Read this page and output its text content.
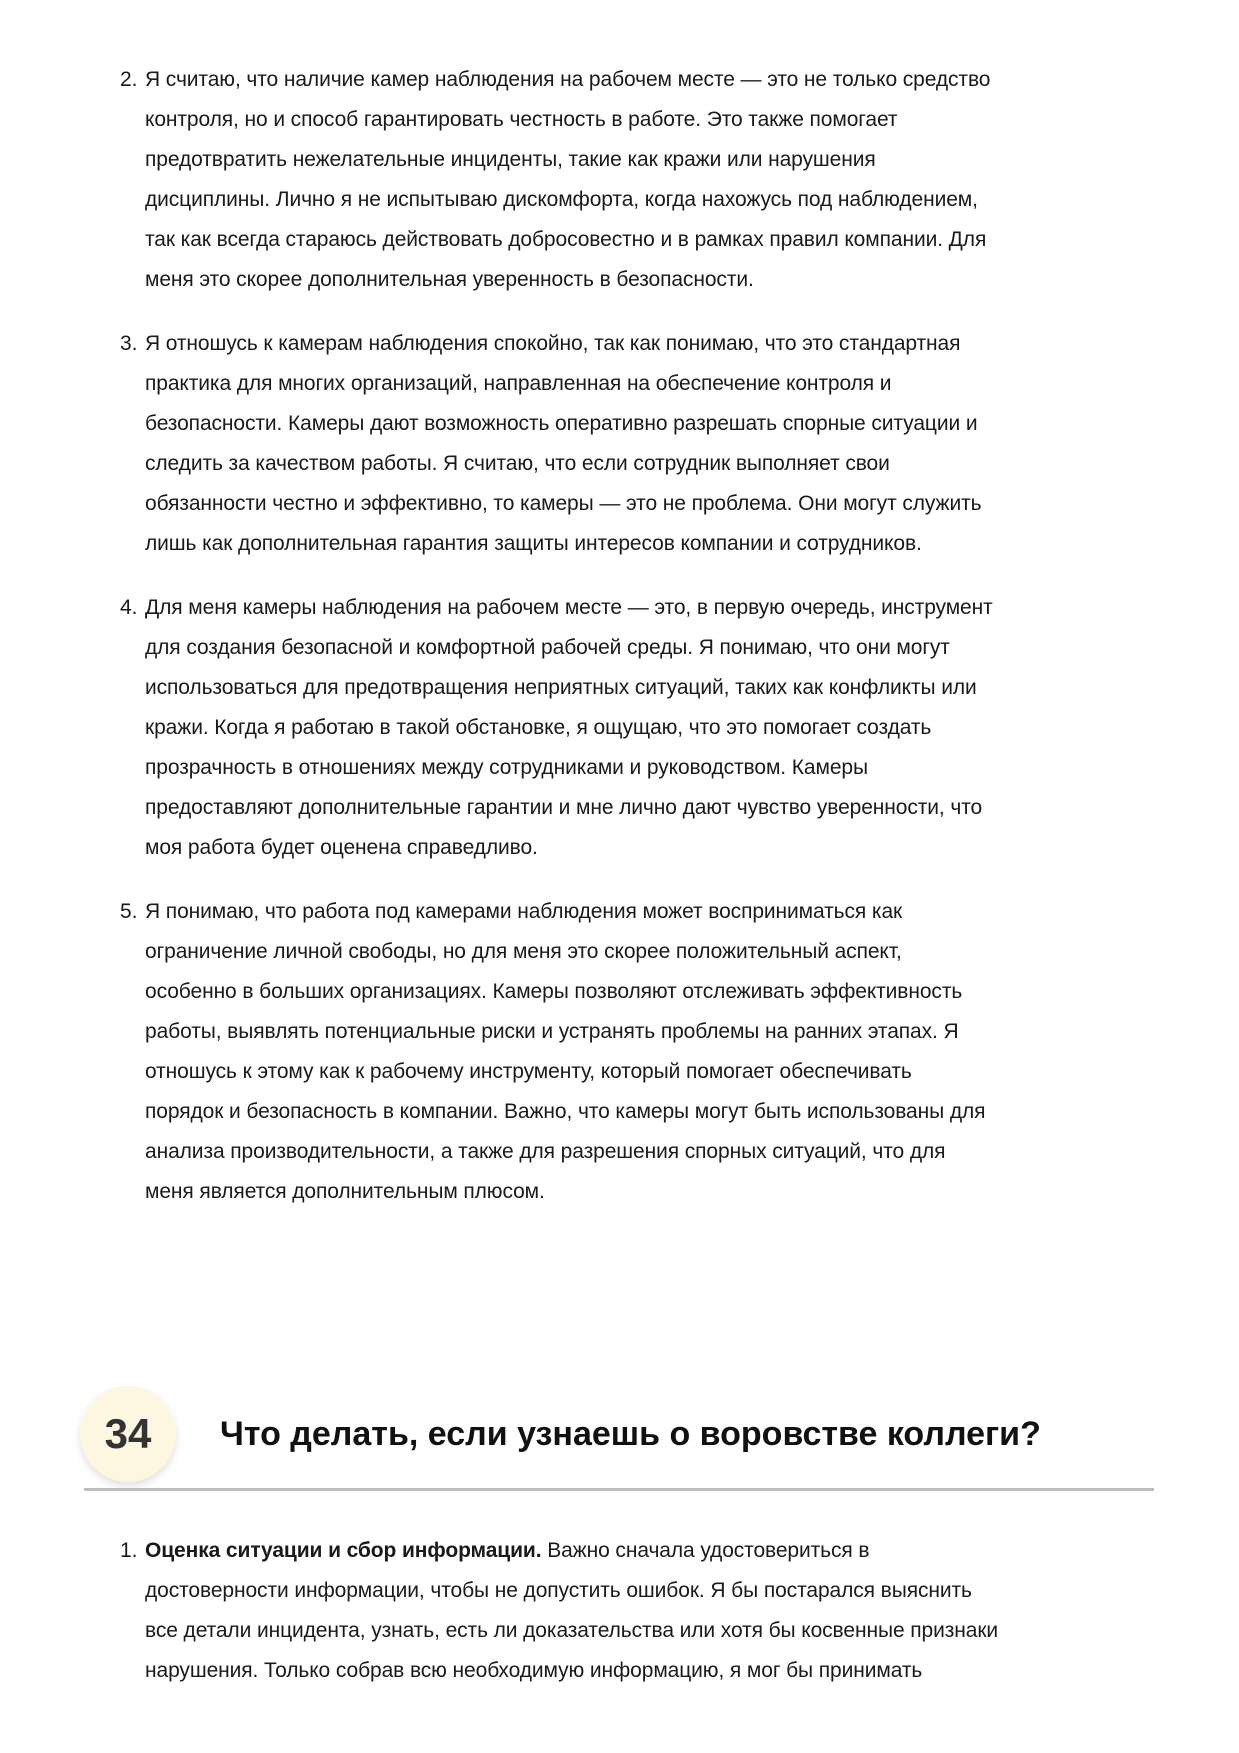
2. Я считаю, что наличие камер наблюдения на рабочем месте — это не только средство
контроля, но и способ гарантировать честность в работе. Это также помогает
предотвратить нежелательные инциденты, такие как кражи или нарушения
дисциплины. Лично я не испытываю дискомфорта, когда нахожусь под наблюдением,
так как всегда стараюсь действовать добросовестно и в рамках правил компании. Для
меня это скорее дополнительная уверенность в безопасности.
3. Я отношусь к камерам наблюдения спокойно, так как понимаю, что это стандартная
практика для многих организаций, направленная на обеспечение контроля и
безопасности. Камеры дают возможность оперативно разрешать спорные ситуации и
следить за качеством работы. Я считаю, что если сотрудник выполняет свои
обязанности честно и эффективно, то камеры — это не проблема. Они могут служить
лишь как дополнительная гарантия защиты интересов компании и сотрудников.
4. Для меня камеры наблюдения на рабочем месте — это, в первую очередь, инструмент
для создания безопасной и комфортной рабочей среды. Я понимаю, что они могут
использоваться для предотвращения неприятных ситуаций, таких как конфликты или
кражи. Когда я работаю в такой обстановке, я ощущаю, что это помогает создать
прозрачность в отношениях между сотрудниками и руководством. Камеры
предоставляют дополнительные гарантии и мне лично дают чувство уверенности, что
моя работа будет оценена справедливо.
5. Я понимаю, что работа под камерами наблюдения может восприниматься как
ограничение личной свободы, но для меня это скорее положительный аспект,
особенно в больших организациях. Камеры позволяют отслеживать эффективность
работы, выявлять потенциальные риски и устранять проблемы на ранних этапах. Я
отношусь к этому как к рабочему инструменту, который помогает обеспечивать
порядок и безопасность в компании. Важно, что камеры могут быть использованы для
анализа производительности, а также для разрешения спорных ситуаций, что для
меня является дополнительным плюсом.
34	Что делать, если узнаешь о воровстве коллеги?
1. Оценка ситуации и сбор информации. Важно сначала удостовериться в
достоверности информации, чтобы не допустить ошибок. Я бы постарался выяснить
все детали инцидента, узнать, есть ли доказательства или хотя бы косвенные признаки
нарушения. Только собрав всю необходимую информацию, я мог бы принимать
